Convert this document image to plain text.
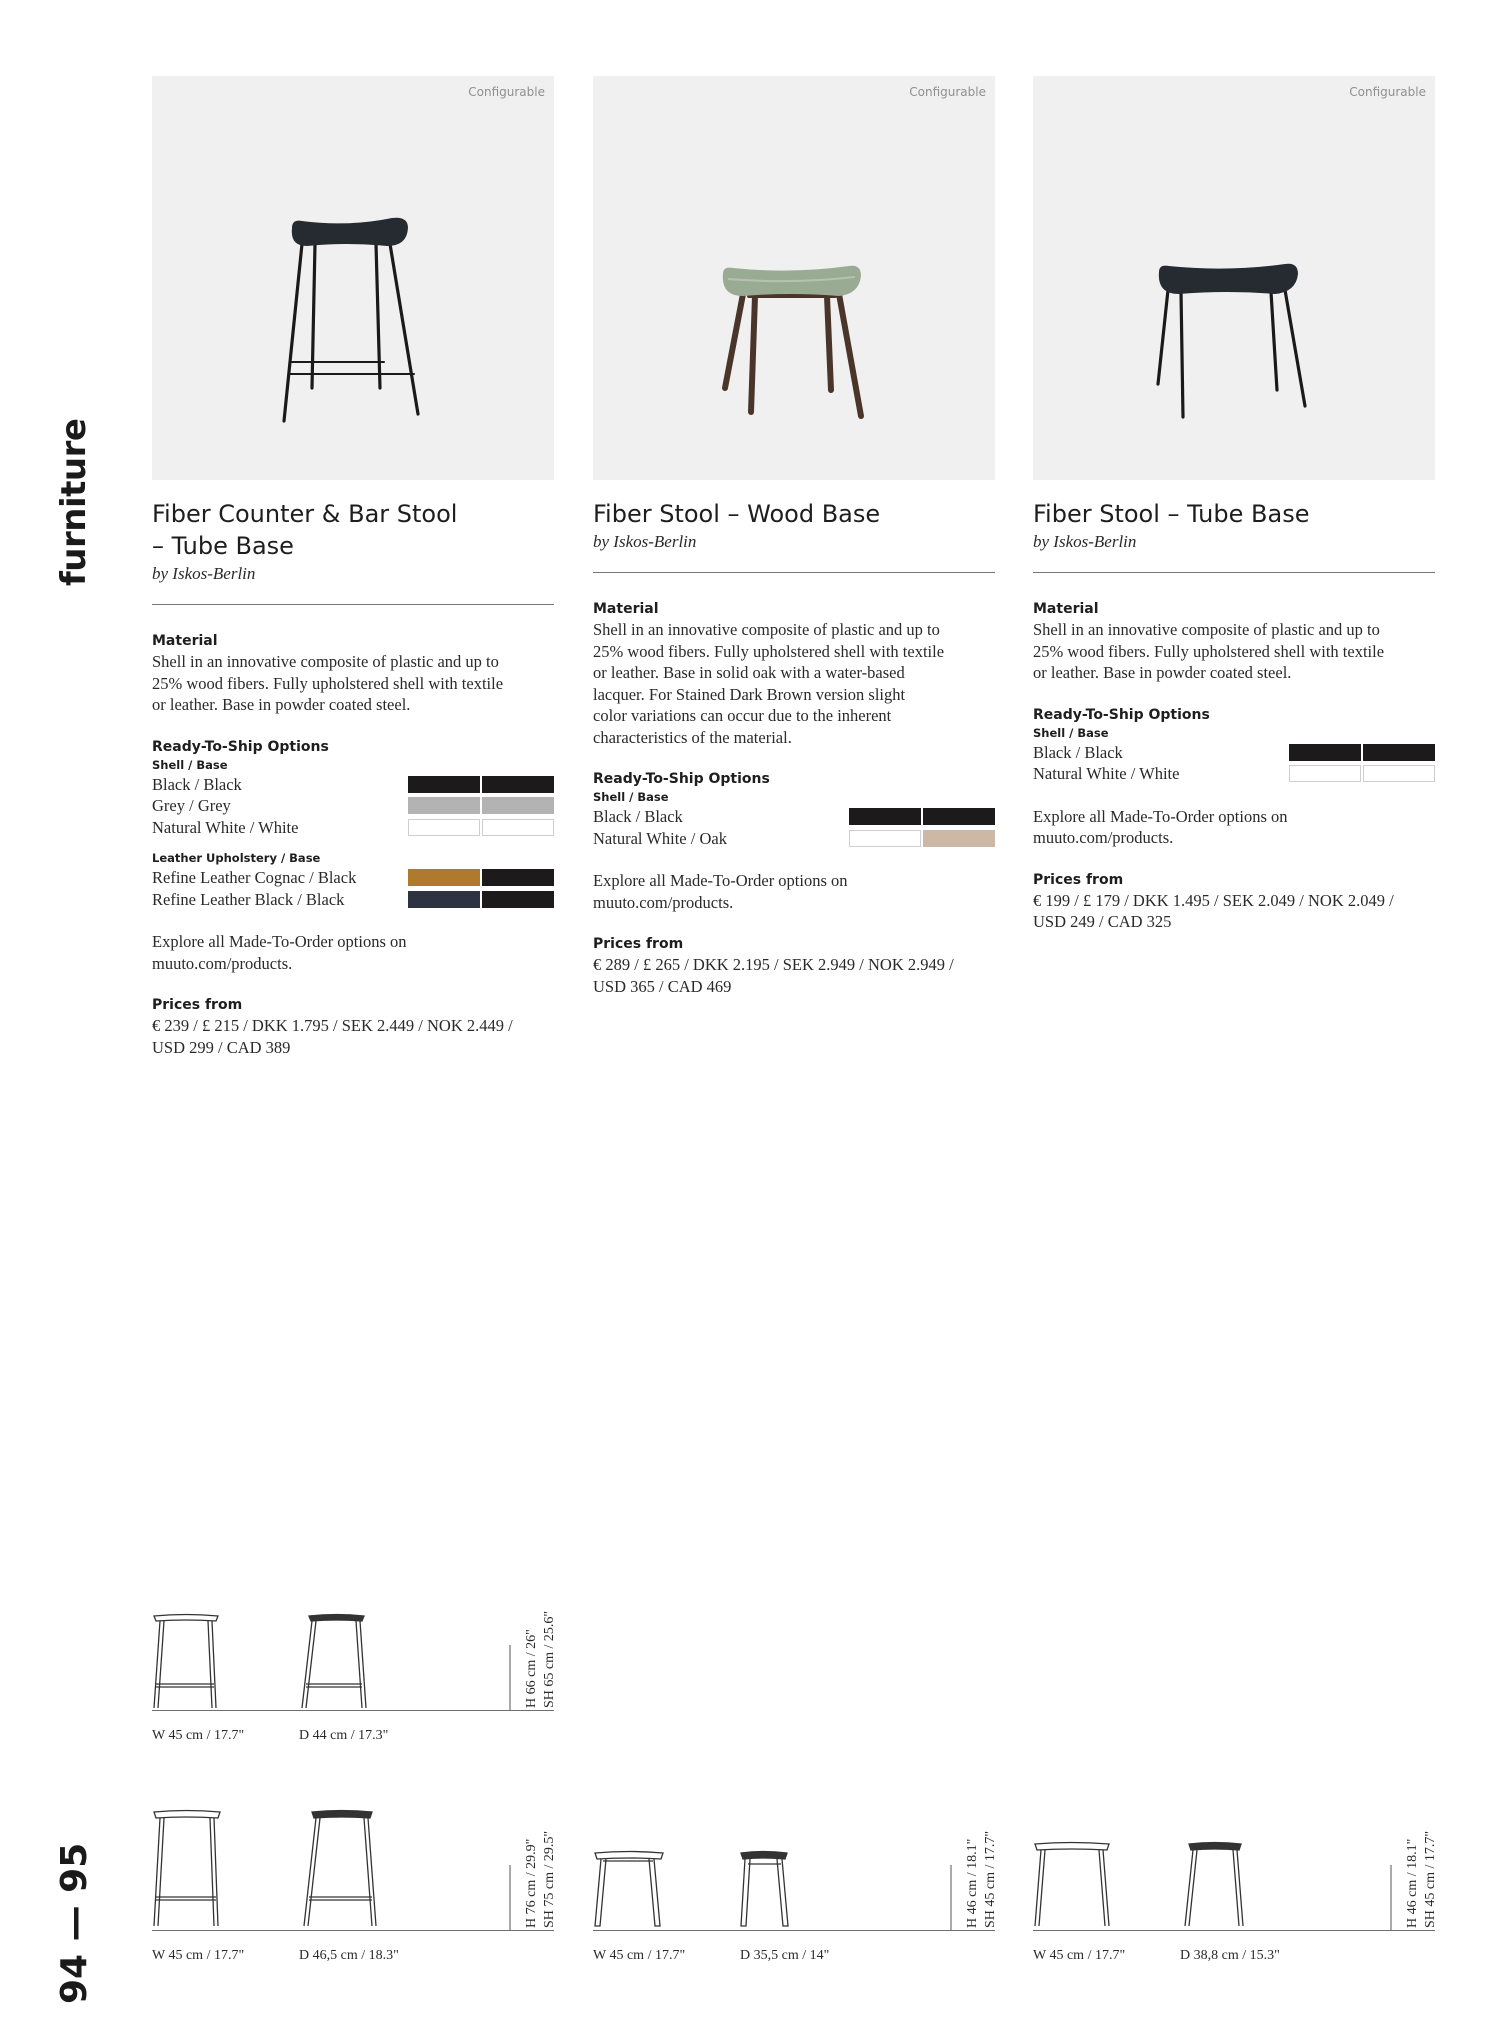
furniture
94 — 95
Configurable
Fiber Counter & Bar Stool
– Tube Base
by Iskos-Berlin
Material
Shell in an innovative composite of plastic and up to
25% wood fibers. Fully upholstered shell with textile
or leather. Base in powder coated steel.
Ready-To-Ship Options
Shell / Base
Black / Black
Grey / Grey
Natural White / White
Leather Upholstery / Base
Refine Leather Cognac / Black
Refine Leather Black / Black
Explore all Made-To-Order options on
muuto.com/products.
Prices from
€ 239 / £ 215 / DKK 1.795 / SEK 2.449 / NOK 2.449 /
USD 299 / CAD 389
Configurable
Fiber Stool – Wood Base
by Iskos-Berlin
Material
Shell in an innovative composite of plastic and up to
25% wood fibers. Fully upholstered shell with textile
or leather. Base in solid oak with a water-based
lacquer. For Stained Dark Brown version slight
color variations can occur due to the inherent
characteristics of the material.
Ready-To-Ship Options
Shell / Base
Black / Black
Natural White / Oak
Explore all Made-To-Order options on
muuto.com/products.
Prices from
€ 289 / £ 265 / DKK 2.195 / SEK 2.949 / NOK 2.949 /
USD 365 / CAD 469
Configurable
Fiber Stool – Tube Base
by Iskos-Berlin
Material
Shell in an innovative composite of plastic and up to
25% wood fibers. Fully upholstered shell with textile
or leather. Base in powder coated steel.
Ready-To-Ship Options
Shell / Base
Black / Black
Natural White / White
Explore all Made-To-Order options on
muuto.com/products.
Prices from
€ 199 / £ 179 / DKK 1.495 / SEK 2.049 / NOK 2.049 /
USD 249 / CAD 325
W 45 cm / 17.7"	D 44 cm / 17.3"
H 66 cm / 26" SH 65 cm / 25.6"
W 45 cm / 17.7"	D 46,5 cm / 18.3"
H 76 cm / 29.9" SH 75 cm / 29.5"
W 45 cm / 17.7"	D 35,5 cm / 14"
H 46 cm / 18.1" SH 45 cm / 17.7"
W 45 cm / 17.7"	D 38,8 cm / 15.3"
H 46 cm / 18.1" SH 45 cm / 17.7"
